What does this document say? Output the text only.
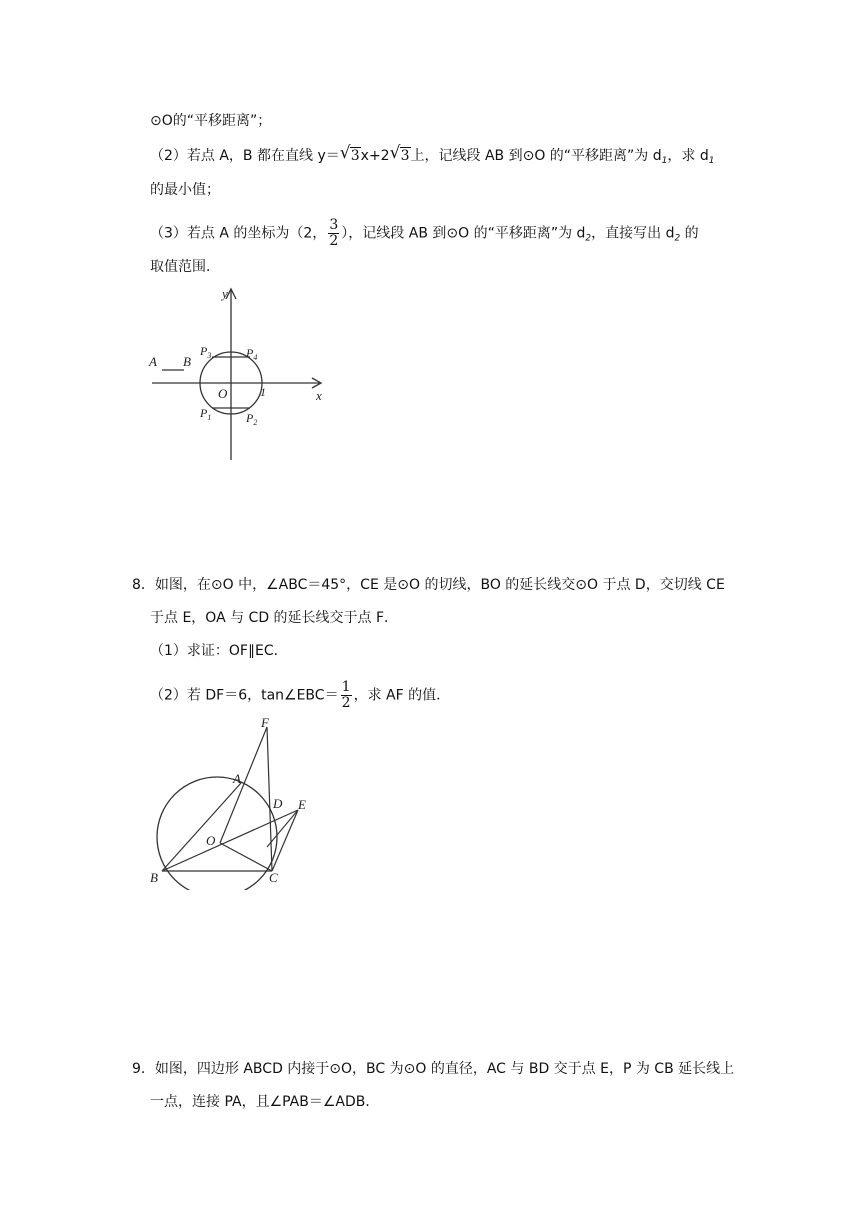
⊙O的“平移距离”；
（2）若点 A，B 都在直线 y＝ √ 3x+2 √ 3上，记线段 AB 到⊙O 的“平移距离”为 $d_1$，求 $d_1$
的最小值；
（3）若点 A 的坐标为（2， $\frac{3}{2}$ ），记线段 AB 到⊙O 的“平移距离”为 $d_2$，直接写出 $d_2$ 的
取值范围．
y
x
O	1
A B
$P_3$	$P_4$
$P_1$	$P_2$
8．如图，在⊙O 中，∠ABC＝45°，CE 是⊙O 的切线，BO 的延长线交⊙O 于点 D，交切线 CE
于点 E，OA 与 CD 的延长线交于点 F．
（1）求证：OF∥EC．
（2）若 DF＝6，tan∠EBC＝ $\frac{1}{2}$ ，求 AF 的值．
F
A
D E
O
B	C
9．如图，四边形 ABCD 内接于⊙O，BC 为⊙O 的直径，AC 与 BD 交于点 E，P 为 CB 延长线上
一点，连接 PA，且∠PAB＝∠ADB．
